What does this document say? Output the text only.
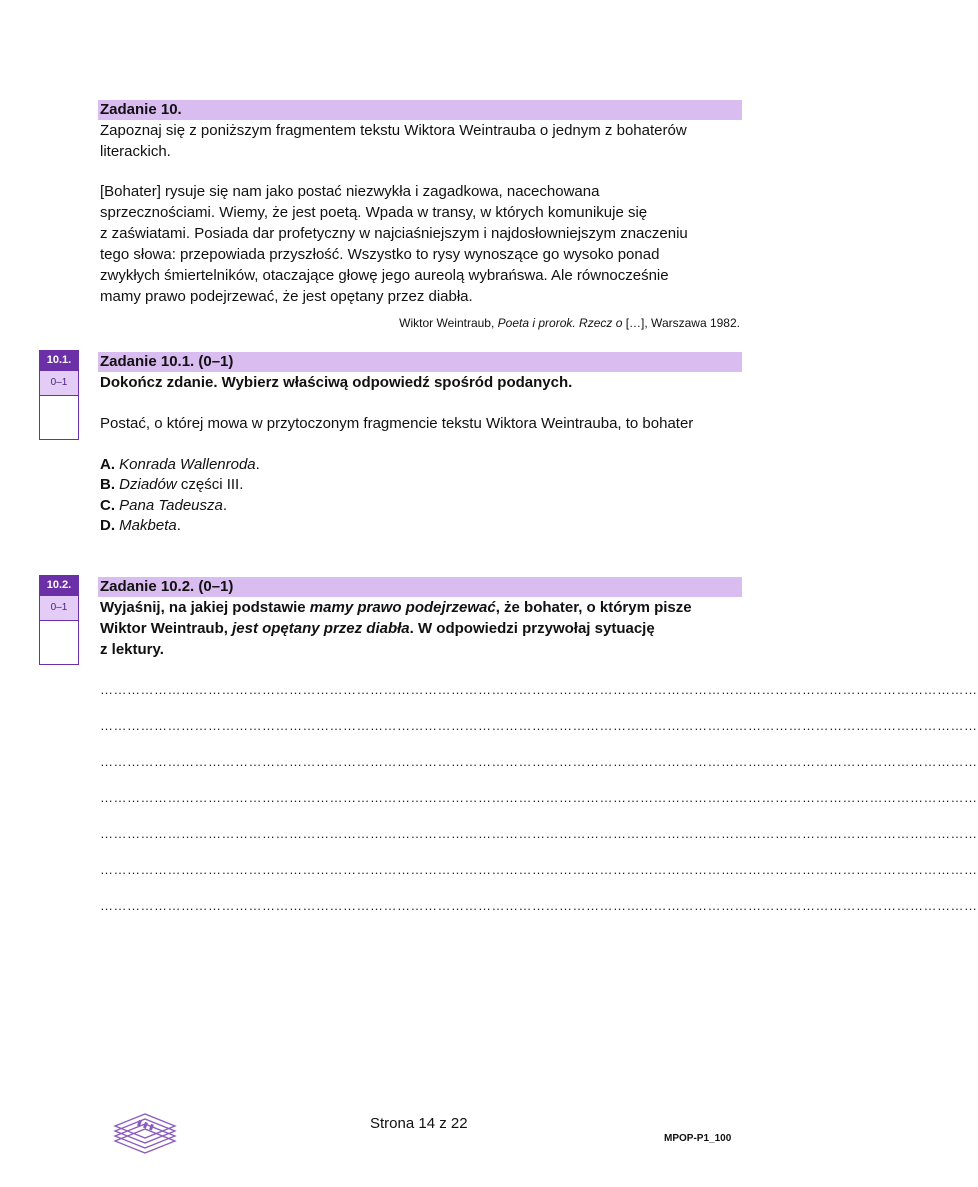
Zadanie 10.
Zapoznaj się z poniższym fragmentem tekstu Wiktora Weintrauba o jednym z bohaterów
literackich.
[Bohater] rysuje się nam jako postać niezwykła i zagadkowa, nacechowana
sprzecznościami. Wiemy, że jest poetą. Wpada w transy, w których komunikuje się
z zaświatami. Posiada dar profetyczny w najciaśniejszym i najdosłowniejszym znaczeniu
tego słowa: przepowiada przyszłość. Wszystko to rysy wynoszące go wysoko ponad
zwykłych śmiertelników, otaczające głowę jego aureolą wybrańswa. Ale równocześnie
mamy prawo podejrzewać, że jest opętany przez diabła.
Wiktor Weintraub, Poeta i prorok. Rzecz o […], Warszawa 1982.
10.1.
0–1
Zadanie 10.1. (0–1)
Dokończ zdanie. Wybierz właściwą odpowiedź spośród podanych.
Postać, o której mowa w przytoczonym fragmencie tekstu Wiktora Weintrauba, to bohater
A. Konrada Wallenroda.
B. Dziadów części III.
C. Pana Tadeusza.
D. Makbeta.
10.2.
0–1
Zadanie 10.2. (0–1)
Wyjaśnij, na jakiej podstawie mamy prawo podejrzewać, że bohater, o którym pisze
Wiktor Weintraub, jest opętany przez diabła. W odpowiedzi przywołaj sytuację
z lektury.
……………………………………………………………………………………………………………………………………………………………………………
……………………………………………………………………………………………………………………………………………………………………………
……………………………………………………………………………………………………………………………………………………………………………
……………………………………………………………………………………………………………………………………………………………………………
……………………………………………………………………………………………………………………………………………………………………………
……………………………………………………………………………………………………………………………………………………………………………
……………………………………………………………………………………………………………………………………………………………………………
Strona 14 z 22
MPOP-P1_100
